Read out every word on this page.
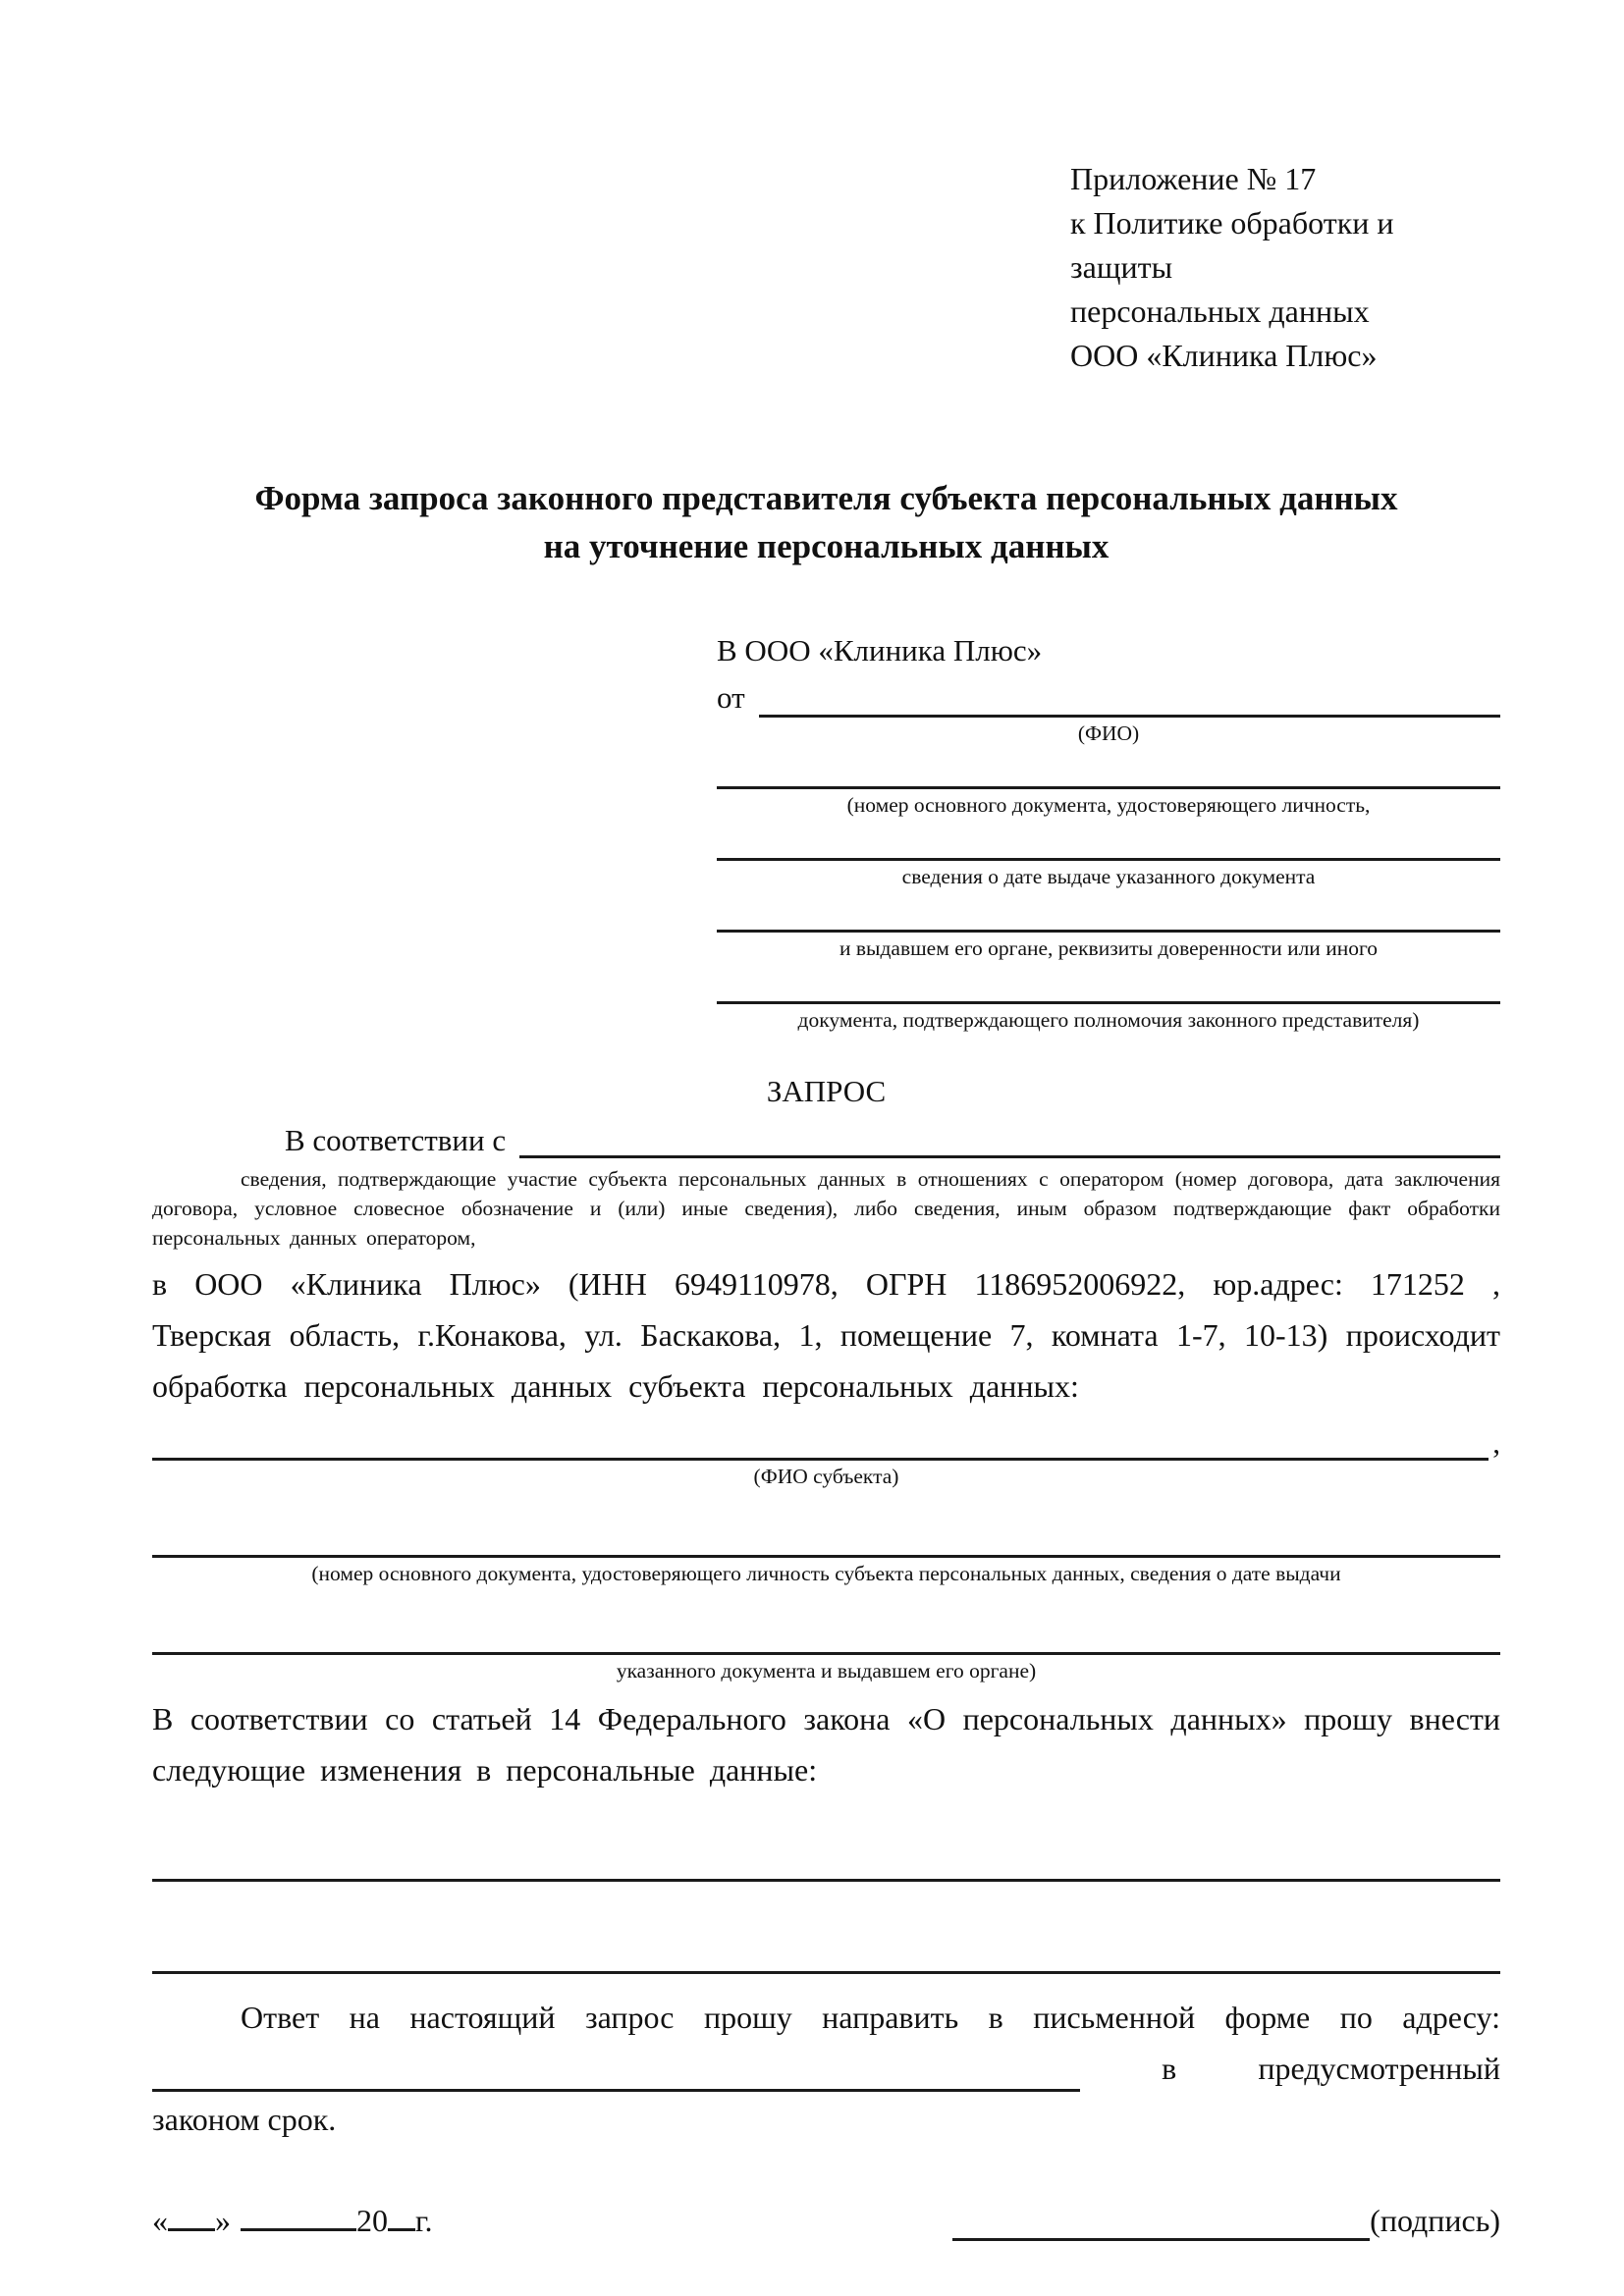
Приложение № 17
к Политике обработки и защиты
персональных данных
ООО «Клиника Плюс»
Форма запроса законного представителя субъекта персональных данных на уточнение персональных данных
В ООО «Клиника Плюс»
от
(ФИО)
(номер основного документа, удостоверяющего личность,
сведения о дате выдаче указанного документа
и выдавшем его органе, реквизиты доверенности или иного
документа, подтверждающего полномочия законного представителя)
ЗАПРОС
В соответствии с
сведения, подтверждающие участие субъекта персональных данных в отношениях с оператором (номер договора, дата заключения договора, условное словесное обозначение и (или) иные сведения), либо сведения, иным образом подтверждающие факт обработки персональных данных оператором,
в ООО «Клиника Плюс» (ИНН 6949110978, ОГРН 1186952006922, юр.адрес: 171252 , Тверская область, г.Конакова, ул. Баскакова, 1, помещение 7, комната 1-7, 10-13) происходит обработка персональных данных субъекта персональных данных:
,
(ФИО субъекта)
(номер основного документа, удостоверяющего личность субъекта персональных данных, сведения о дате выдачи
указанного документа и выдавшем его органе)
В соответствии со статьей 14 Федерального закона «О персональных данных» прошу внести следующие изменения в персональные данные:
Ответ на настоящий запрос прошу направить в письменной форме по адресу:
в	предусмотренный
законом срок.
« »	20 г.	(подпись)
